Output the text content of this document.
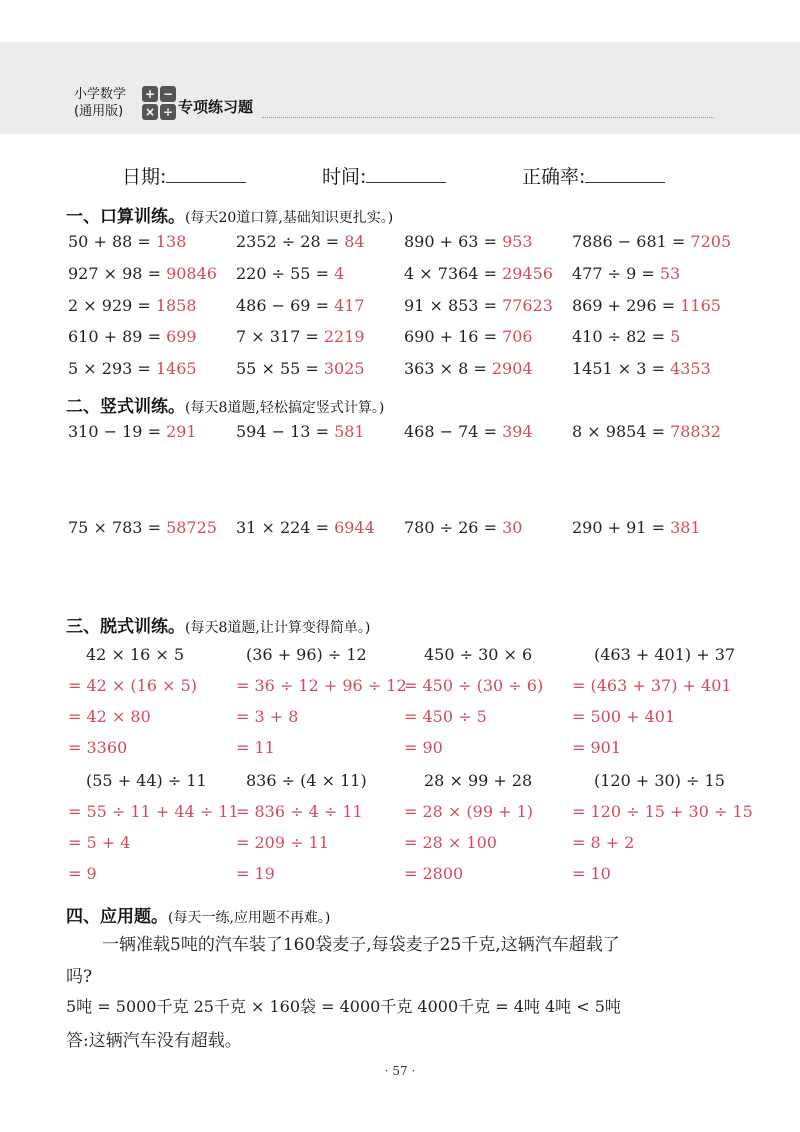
小学数学
(通用版)
+ −
× ÷ 专项练习题
日期:	时间:	正确率:
一、口算训练。(每天20道口算,基础知识更扎实。)
50 + 88 = 138	2352 ÷ 28 = 84 890 + 63 = 953 7886 − 681 = 7205
927 × 98 = 90846 220 ÷ 55 = 4	4 × 7364 = 29456 477 ÷ 9 = 53
2 × 929 = 1858 486 − 69 = 417 91 × 853 = 77623 869 + 296 = 1165
610 + 89 = 699 7 × 317 = 2219 690 + 16 = 706 410 ÷ 82 = 5
5 × 293 = 1465 55 × 55 = 3025 363 × 8 = 2904 1451 × 3 = 4353
二、竖式训练。(每天8道题,轻松搞定竖式计算。)
310 − 19 = 291 594 − 13 = 581 468 − 74 = 394 8 × 9854 = 78832
75 × 783 = 58725 31 × 224 = 6944 780 ÷ 26 = 30	290 + 91 = 381
三、脱式训练。(每天8道题,让计算变得简单。)
42 × 16 × 5
= 42 × (16 × 5)
= 42 × 80
= 3360
(36 + 96) ÷ 12
= 36 ÷ 12 + 96 ÷ 12
= 3 + 8
= 11
450 ÷ 30 × 6
= 450 ÷ (30 ÷ 6)
= 450 ÷ 5
= 90
(463 + 401) + 37
= (463 + 37) + 401
= 500 + 401
= 901
(55 + 44) ÷ 11
= 55 ÷ 11 + 44 ÷ 11
= 5 + 4
= 9
836 ÷ (4 × 11)
= 836 ÷ 4 ÷ 11
= 209 ÷ 11
= 19
28 × 99 + 28
= 28 × (99 + 1)
= 28 × 100
= 2800
(120 + 30) ÷ 15
= 120 ÷ 15 + 30 ÷ 15
= 8 + 2
= 10
四、应用题。(每天一练,应用题不再难。)
一辆准载5吨的汽车装了160袋麦子,每袋麦子25千克,这辆汽车超载了
吗?
5吨 = 5000千克 25千克 × 160袋 = 4000千克 4000千克 = 4吨 4吨 < 5吨
答:这辆汽车没有超载。
· 57 ·
